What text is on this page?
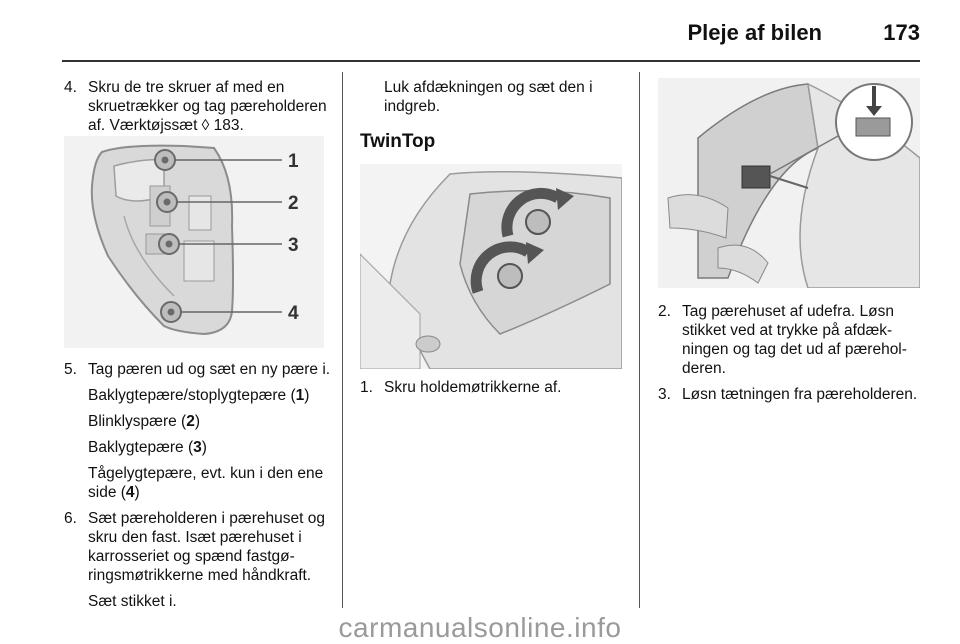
Pleje af bilen	173
4. Skru de tre skruer af med en skruetrækker og tag pæreholderen af. Værktøjssæt ◊ 183.
1
2
3
4
5. Tag pæren ud og sæt en ny pære i.
Baklygtepære/stoplygtepære (1)
Blinklyspære (2)
Baklygtepære (3)
Tågelygtepære, evt. kun i den ene side (4)
6. Sæt pæreholderen i pærehuset og skru den fast. Isæt pærehuset i karrosseriet og spænd fastgøringsmøtrikkerne med håndkraft.
Sæt stikket i.
Luk afdækningen og sæt den i indgreb.
TwinTop
1. Skru holdemøtrikkerne af.
2. Tag pærehuset af udefra. Løsn stikket ved at trykke på afdækningen og tag det ud af pæreholderen.
3. Løsn tætningen fra pæreholderen.
carmanualsonline.info
